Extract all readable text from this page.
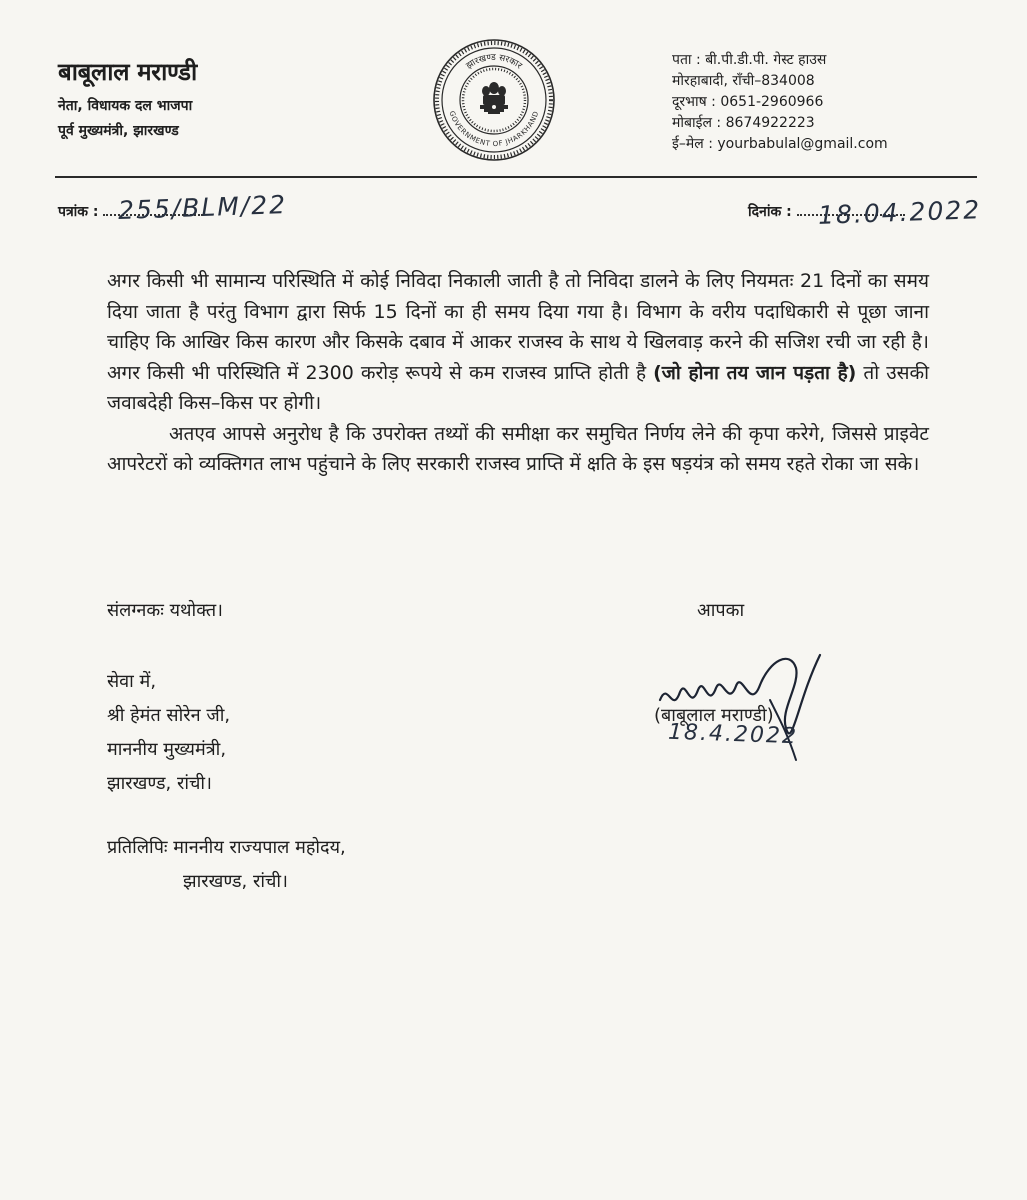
बाबूलाल मराण्डी
नेता, विधायक दल भाजपा
पूर्व मुख्यमंत्री, झारखण्ड
झारखण्ड सरकार
GOVERNMENT OF JHARKHAND
पता : बी.पी.डी.पी. गेस्ट हाउस
मोरहाबादी, राँची–834008
दूरभाष : 0651-2960966
मोबाईल : 8674922223
ई–मेल : yourbabulal@gmail.com
पत्रांक : 255/BLM/22	दिनांक :	18.04.2022

अगर किसी भी सामान्य परिस्थिति में कोई निविदा निकाली जाती है तो निविदा डालने के लिए नियमतः 21 दिनों का समय दिया जाता है परंतु विभाग द्वारा सिर्फ 15 दिनों का ही समय दिया गया है। विभाग के वरीय पदाधिकारी से पूछा जाना चाहिए कि आखिर किस कारण और किसके दबाव में आकर राजस्व के साथ ये खिलवाड़ करने की सजिश रची जा रही है। अगर किसी भी परिस्थिति में 2300 करोड़ रूपये से कम राजस्व प्राप्ति होती है (जो होना तय जान पड़ता है) तो उसकी जवाबदेही किस–किस पर होगी।

अतएव आपसे अनुरोध है कि उपरोक्त तथ्यों की समीक्षा कर समुचित निर्णय लेने की कृपा करेगे, जिससे प्राइवेट आपरेटरों को व्यक्तिगत लाभ पहुंचाने के लिए सरकारी राजस्व प्राप्ति में क्षति के इस षड़यंत्र को समय रहते रोका जा सके।

संलग्नकः यथोक्त।	आपका
(बाबूलाल मराण्डी)
18.4.2022
सेवा में,
श्री हेमंत सोरेन जी,
माननीय मुख्यमंत्री,
झारखण्ड, रांची।
प्रतिलिपिः माननीय राज्यपाल महोदय,
झारखण्ड, रांची।
